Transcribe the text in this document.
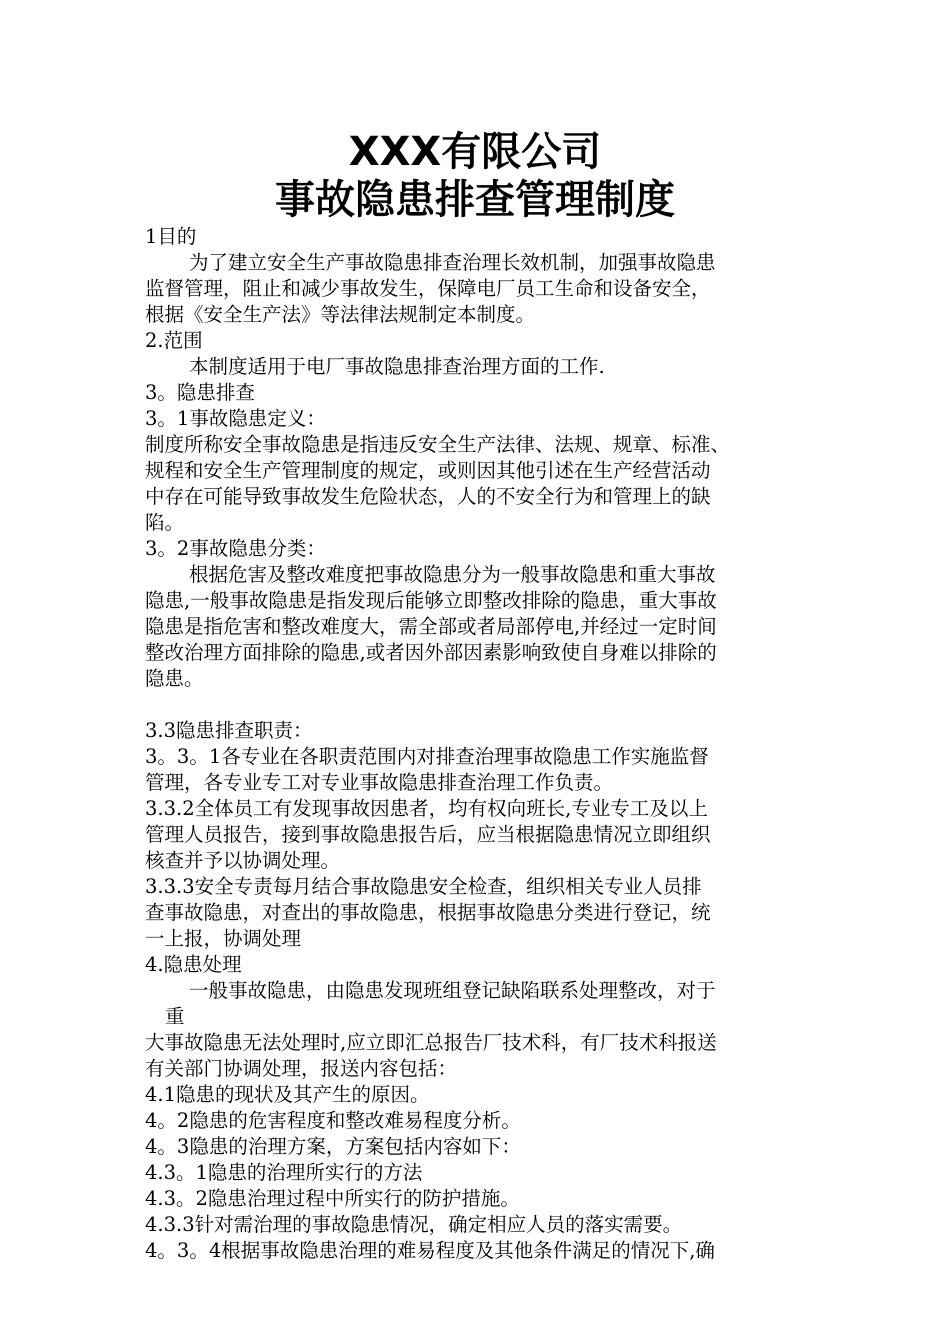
XXX有限公司
事故隐患排查管理制度

1目的

为了建立安全生产事故隐患排查治理长效机制，加强事故隐患

监督管理，阻止和减少事故发生，保障电厂员工生命和设备安全，

根据《安全生产法》等法律法规制定本制度。

2.范围

本制度适用于电厂事故隐患排查治理方面的工作.

3。隐患排查

3。1事故隐患定义：

制度所称安全事故隐患是指违反安全生产法律、法规、规章、标准、

规程和安全生产管理制度的规定，或则因其他引述在生产经营活动

中存在可能导致事故发生危险状态，人的不安全行为和管理上的缺

陷。

3。2事故隐患分类：

根据危害及整改难度把事故隐患分为一般事故隐患和重大事故

隐患,一般事故隐患是指发现后能够立即整改排除的隐患，重大事故

隐患是指危害和整改难度大，需全部或者局部停电,并经过一定时间

整改治理方面排除的隐患,或者因外部因素影响致使自身难以排除的

隐患。

3.3隐患排查职责：

3。3。1各专业在各职责范围内对排查治理事故隐患工作实施监督

管理，各专业专工对专业事故隐患排查治理工作负责。

3.3.2全体员工有发现事故因患者，均有权向班长,专业专工及以上

管理人员报告，接到事故隐患报告后，应当根据隐患情况立即组织

核查并予以协调处理。

3.3.3安全专责每月结合事故隐患安全检查，组织相关专业人员排

查事故隐患，对查出的事故隐患，根据事故隐患分类进行登记，统

一上报，协调处理

4.隐患处理

一般事故隐患，由隐患发现班组登记缺陷联系处理整改，对于

重

大事故隐患无法处理时,应立即汇总报告厂技术科，有厂技术科报送

有关部门协调处理，报送内容包括：

4.1隐患的现状及其产生的原因。

4。2隐患的危害程度和整改难易程度分析。

4。3隐患的治理方案，方案包括内容如下：

4.3。1隐患的治理所实行的方法

4.3。2隐患治理过程中所实行的防护措施。

4.3.3针对需治理的事故隐患情况，确定相应人员的落实需要。

4。3。4根据事故隐患治理的难易程度及其他条件满足的情况下,确
